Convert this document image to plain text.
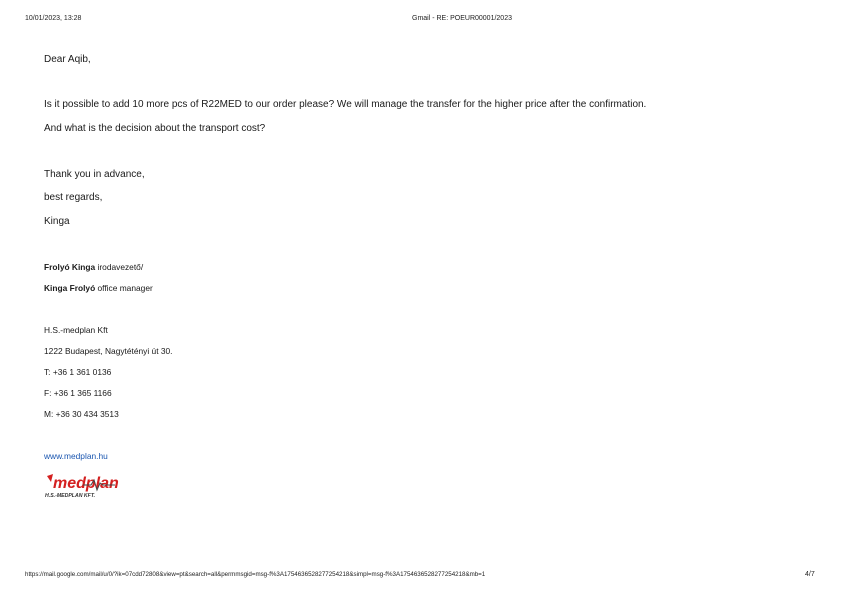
10/01/2023, 13:28	Gmail - RE: POEUR00001/2023
Dear Aqib,
Is it possible to add 10 more pcs of R22MED to our order please? We will manage the transfer for the higher price after the confirmation.
And what is the decision about the transport cost?
Thank you in advance,
best regards,
Kinga
Frolyó Kinga irodavezető/
Kinga Frolyó office manager
H.S.-medplan Kft
1222 Budapest, Nagytétényi út 30.
T: +36 1 361 0136
F: +36 1 365 1166
M: +36 30 434 3513
www.medplan.hu
medplan
H.S.-MEDPLAN KFT.
https://mail.google.com/mail/u/0/?ik=07cdd72808&view=pt&search=all&permmsgid=msg-f%3A1754636528277254218&simpl=msg-f%3A1754636528277254218&mb=1	4/7
